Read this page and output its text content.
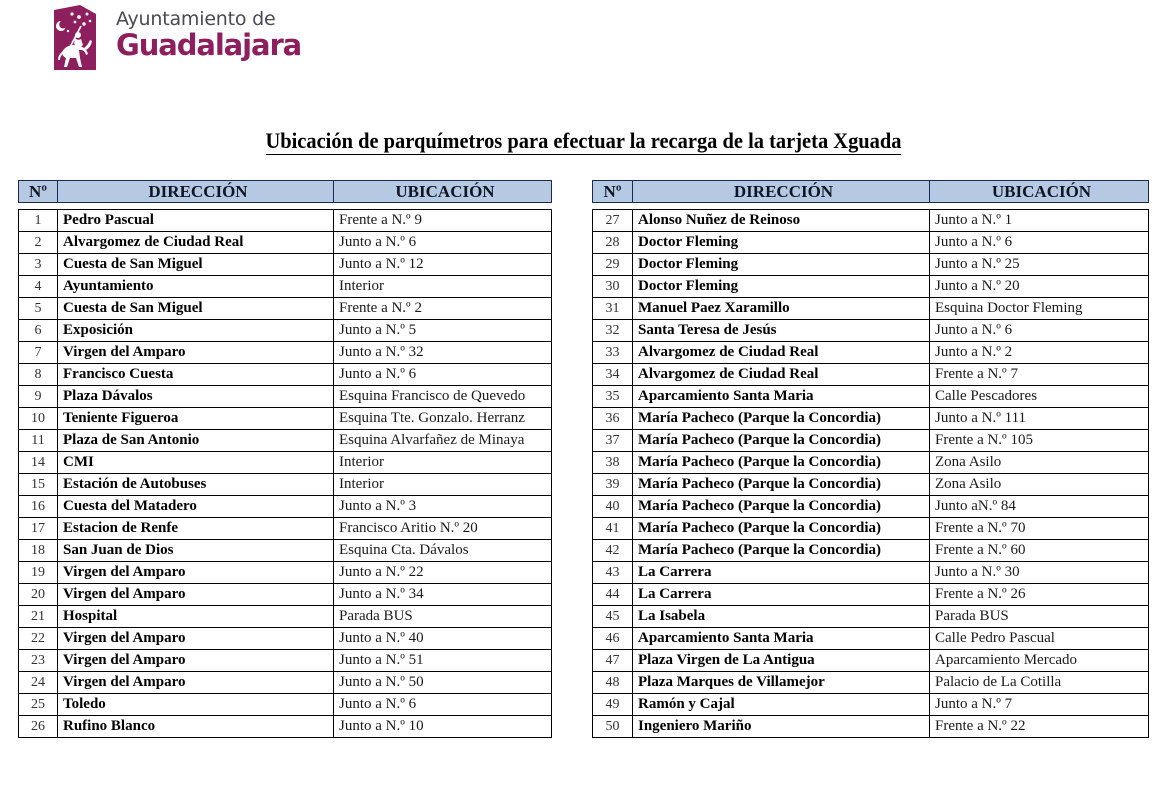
Ayuntamiento de
Guadalajara
Ubicación de parquímetros para efectuar la recarga de la tarjeta Xguada
Nº	DIRECCIÓN	UBICACIÓN
1	Pedro Pascual	Frente a N.º 9
2	Alvargomez de Ciudad Real	Junto a N.º 6
3	Cuesta de San Miguel	Junto a N.º 12
4	Ayuntamiento	Interior
5	Cuesta de San Miguel	Frente a N.º 2
6	Exposición	Junto a N.º 5
7	Virgen del Amparo	Junto a N.º 32
8	Francisco Cuesta	Junto a N.º 6
9	Plaza Dávalos	Esquina Francisco de Quevedo
10	Teniente Figueroa	Esquina Tte. Gonzalo. Herranz
11	Plaza de San Antonio	Esquina Alvarfañez de Minaya
14	CMI	Interior
15	Estación de Autobuses	Interior
16	Cuesta del Matadero	Junto a N.º 3
17	Estacion de Renfe	Francisco Aritio N.º 20
18	San Juan de Dios	Esquina Cta. Dávalos
19	Virgen del Amparo	Junto a N.º 22
20	Virgen del Amparo	Junto a N.º 34
21	Hospital	Parada BUS
22	Virgen del Amparo	Junto a N.º 40
23	Virgen del Amparo	Junto a N.º 51
24	Virgen del Amparo	Junto a N.º 50
25	Toledo	Junto a N.º 6
26	Rufino Blanco	Junto a N.º 10
Nº	DIRECCIÓN	UBICACIÓN
27	Alonso Nuñez de Reinoso	Junto a N.º 1
28	Doctor Fleming	Junto a N.º 6
29	Doctor Fleming	Junto a N.º 25
30	Doctor Fleming	Junto a N.º 20
31	Manuel Paez Xaramillo	Esquina Doctor Fleming
32	Santa Teresa de Jesús	Junto a N.º 6
33	Alvargomez de Ciudad Real	Junto a N.º 2
34	Alvargomez de Ciudad Real	Frente a N.º 7
35	Aparcamiento Santa Maria	Calle Pescadores
36	María Pacheco (Parque la Concordia)	Junto a N.º 111
37	María Pacheco (Parque la Concordia)	Frente a N.º 105
38	María Pacheco (Parque la Concordia)	Zona Asilo
39	María Pacheco (Parque la Concordia)	Zona Asilo
40	María Pacheco (Parque la Concordia)	Junto aN.º 84
41	María Pacheco (Parque la Concordia)	Frente a N.º 70
42	María Pacheco (Parque la Concordia)	Frente a N.º 60
43	La Carrera	Junto a N.º 30
44	La Carrera	Frente a N.º 26
45	La Isabela	Parada BUS
46	Aparcamiento Santa Maria	Calle Pedro Pascual
47	Plaza Virgen de La Antigua	Aparcamiento Mercado
48	Plaza Marques de Villamejor	Palacio de La Cotilla
49	Ramón y Cajal	Junto a N.º 7
50	Ingeniero Mariño	Frente a N.º 22
